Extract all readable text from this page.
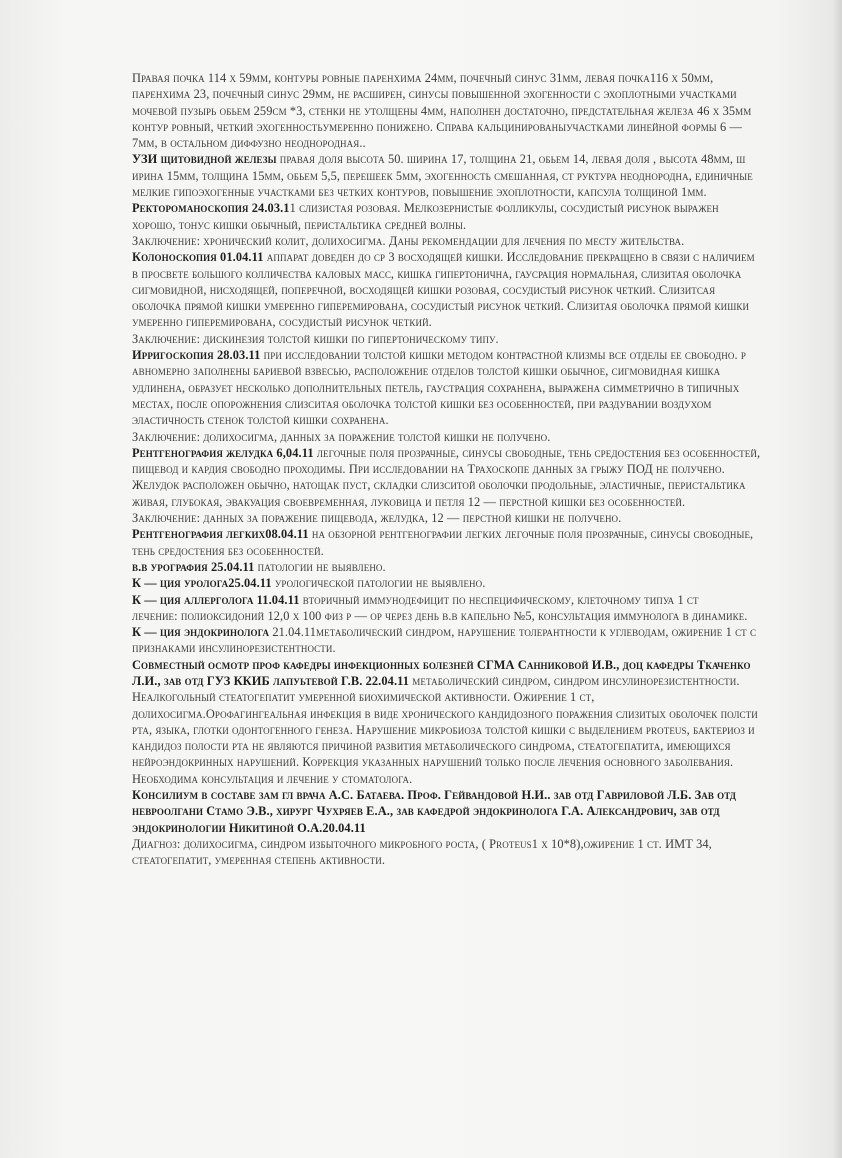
Правая почка 114 х 59мм, контуры ровные паренхима 24мм, почечный синус 31мм, левая почка116 х 50мм, паренхима 23, почечный синус 29мм, не расширен, синусы повышенной эхогенности с эхоплотными участками мочевой пузырь обьем 259см *3, стенки не утолщены 4мм, наполнен достаточно, предстательная железа 46 х 35мм контур ровный, четкий эхогенностьумеренно понижено. Справа кальцинированыучастками линейной формы 6 — 7мм, в остальном диффузно неоднородная..

УЗИ щитовидной железы правая доля высота 50. ширина 17, толщина 21, обьем 14, левая доля , высота 48мм, ш ирина 15мм, толщина 15мм, обьем 5,5, перешеек 5мм, эхогенность смешанная, ст руктура неоднородна, единичные мелкие гипоэхогенные участками без четких контуров, повышение эхоплотности, капсула толщиной 1мм.

Ректороманоскопия 24.03.11 слизистая розовая. Мелкозернистые фолликулы, сосудистый рисунок выражен хорошо, тонус кишки обычный, перистальтика средней волны.

Заключение: хронический колит, долихосигма. Даны рекомендации для лечения по месту жительства.

Колоноскопия 01.04.11 аппарат доведен до ср 3 восходящей кишки. Исследование прекращено в связи с наличием в просвете большого колличества каловых масс, кишка гипертонична, гаусрация нормальная, слизитая оболочка сигмовидной, нисходящей, поперечной, восходящей кишки розовая, сосудистый рисунок четкий. Слизитсая оболочка прямой кишки умеренно гиперемирована, сосудистый рисунок четкий. Слизитая оболочка прямой кишки умеренно гиперемирована, сосудистый рисунок четкий.

Заключение: дискинезия толстой кишки по гипертоническому типу.

Ирригоскопия 28.03.11 при исследовании толстой кишки методом контрастной клизмы все отделы ее свободно. р авномерно заполнены бариевой взвесью, расположение отделов толстой кишки обычное, сигмовидная кишка удлинена, образует несколько дополнительных петель, гаустрация сохранена, выражена симметрично в типичных местах, после опорожнения слизситая оболочка толстой кишки без особенностей, при раздувании воздухом эластичность стенок толстой кишки сохранена.

Заключение: долихосигма, данных за поражение толстой кишки не получено.

Рентгенография желудка 6,04.11 легочные поля прозрачные, синусы свободные, тень средостения без особенностей, пищевод и кардия свободно проходимы. При исследовании на Трахоскопе данных за грыжу ПОД не получено. Желудок расположен обычно, натощак пуст, складки слизситой оболочки продольные, эластичные, перистальтика живая, глубокая, эвакуация своевременная, луковица и петля 12 — перстной кишки без особенностей.

Заключение: данных за поражение пищевода, желудка, 12 — перстной кишки не получено.

Рентгенография легких08.04.11 на обзорной рентгенографии легких легочные поля прозрачные, синусы свободные, тень средостения без особенностей.

в.в урография 25.04.11 патологии не выявлено.

К — ция уролога25.04.11 урологической патологии не выявлено.

К — ция аллерголога 11.04.11 вторичный иммунодефицит по неспецифическому, клеточному типуа 1 ст

лечение: полиоксидоний 12,0 х 100 физ р — ор через день в.в капельно №5, консультация иммунолога в динамике.

К — ция эндокринолога 21.04.11метаболический синдром, нарушение толерантности к углеводам, ожирение 1 ст с признаками инсулинорезистентности.

Совместный осмотр проф кафедры инфекционных болезней СГМА Санниковой И.В., доц кафедры Ткаченко Л.И., зав отд ГУЗ ККИБ лапуьтевой Г.В. 22.04.11 метаболический синдром, синдром инсулинорезистентности. Неалкогольный стеатогепатит умеренной биохимической активности. Ожирение 1 ст, долихосигма.Орофагингеальная инфекция в виде хронического кандидозного поражения слизитых оболочек полсти рта, языка, глотки одонтогенного генеза. Нарушение микробиоза толстой кишки с выделением proteus, бактериоз и кандидоз полости рта не являются причиной развития метаболического синдрома, стеатогепатита, имеющихся нейроэндокринных нарушений. Коррекция указанных нарушений только после лечения основного заболевания.

Необходима консультация и лечение у стоматолога.

Консилиум в составе зам гл врача А.С. Батаева. Проф. Гейвандовой Н.И.. зав отд Гавриловой Л.Б. Зав отд невроолгани Стамо Э.В., хирург Чухряев Е.А., зав кафедрой эндокринолога Г.А. Александрович, зав отд эндокринологии Никитиной О.А.20.04.11

Диагноз: долихосигма, синдром избыточного микробного роста, ( Proteus1 х 10*8),ожирение 1 ст. ИМТ 34, стеатогепатит, умеренная степень активности.
